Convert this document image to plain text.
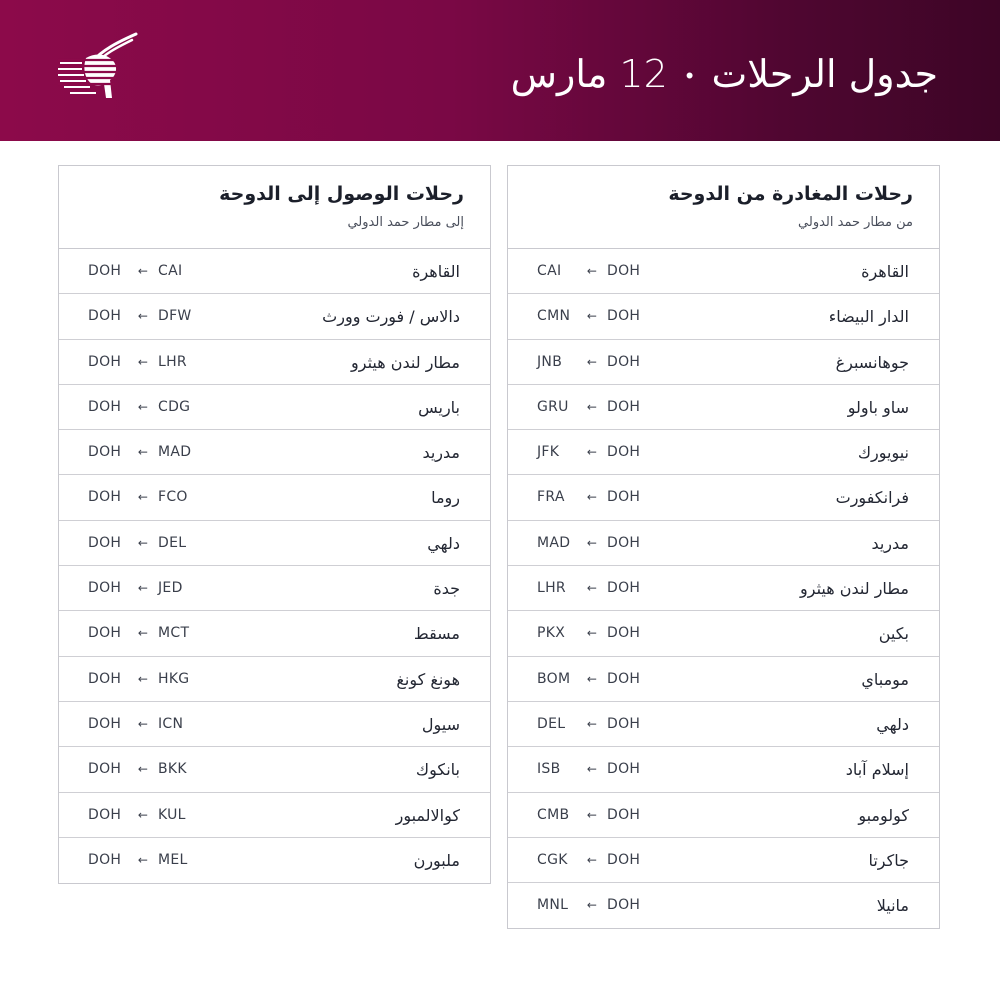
جدول الرحلات•12 مارس
رحلات المغادرة من الدوحة
من مطار حمد الدولي
القاهرة
CAI ← DOH
الدار البيضاء
CMN ← DOH
جوهانسبرغ
JNB ← DOH
ساو باولو
GRU ← DOH
نيويورك
JFK ← DOH
فرانكفورت
FRA ← DOH
مدريد
MAD ← DOH
مطار لندن هيثرو
LHR ← DOH
بكين
PKX ← DOH
مومباي
BOM ← DOH
دلهي
DEL ← DOH
إسلام آباد
ISB ← DOH
كولومبو
CMB ← DOH
جاكرتا
CGK ← DOH
مانيلا
MNL ← DOH
رحلات الوصول إلى الدوحة
إلى مطار حمد الدولي
القاهرة
DOH ← CAI
دالاس / فورت وورث
DOH ← DFW
مطار لندن هيثرو
DOH ← LHR
باريس
DOH ← CDG
مدريد
DOH ← MAD
روما
DOH ← FCO
دلهي
DOH ← DEL
جدة
DOH ← JED
مسقط
DOH ← MCT
هونغ كونغ
DOH ← HKG
سيول
DOH ← ICN
بانكوك
DOH ← BKK
كوالالمبور
DOH ← KUL
ملبورن
DOH ← MEL
